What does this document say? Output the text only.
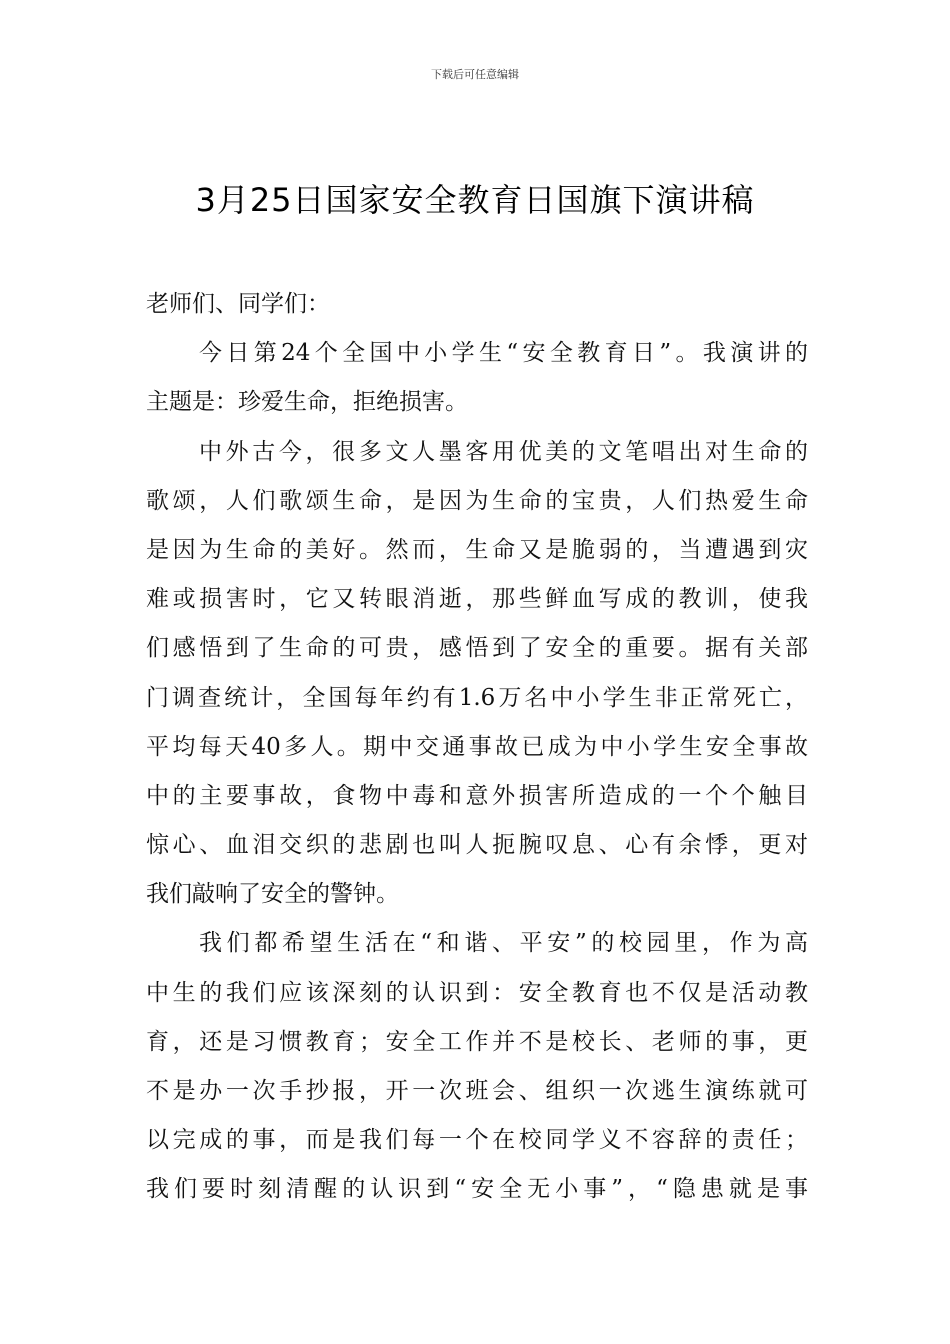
下载后可任意编辑
3月25日国家安全教育日国旗下演讲稿
老师们、同学们：
今日第24个全国中小学生“安全教育日”。我演讲的
主题是：珍爱生命，拒绝损害。
中外古今，很多文人墨客用优美的文笔唱出对生命的
歌颂，人们歌颂生命，是因为生命的宝贵，人们热爱生命
是因为生命的美好。然而，生命又是脆弱的，当遭遇到灾
难或损害时，它又转眼消逝，那些鲜血写成的教训，使我
们感悟到了生命的可贵，感悟到了安全的重要。据有关部
门调查统计，全国每年约有1.6万名中小学生非正常死亡，
平均每天40多人。期中交通事故已成为中小学生安全事故
中的主要事故，食物中毒和意外损害所造成的一个个触目
惊心、血泪交织的悲剧也叫人扼腕叹息、心有余悸，更对
我们敲响了安全的警钟。
我们都希望生活在“和谐、平安”的校园里，作为高
中生的我们应该深刻的认识到：安全教育也不仅是活动教
育，还是习惯教育；安全工作并不是校长、老师的事，更
不是办一次手抄报，开一次班会、组织一次逃生演练就可
以完成的事，而是我们每一个在校同学义不容辞的责任；
我们要时刻清醒的认识到“安全无小事”，“隐患就是事
